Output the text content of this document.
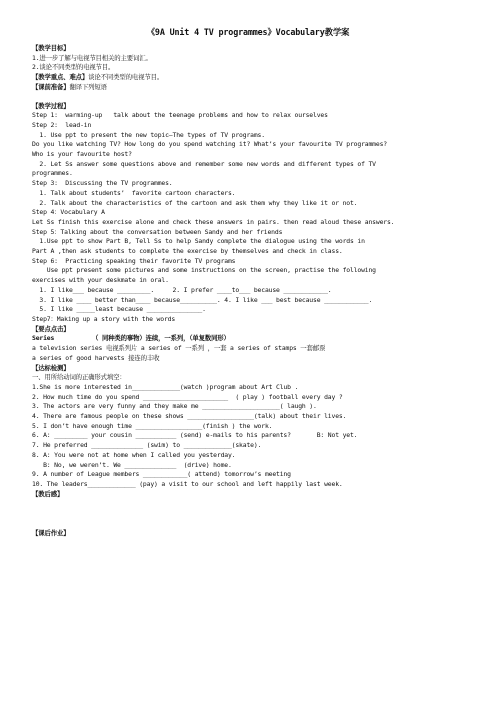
《9A Unit 4 TV programmes》Vocabulary教学案
【教学目标】
1.进一步了解与电视节目相关的主要词汇。
2.谈论不同类型的电视节目。
【教学重点、难点】谈论不同类型的电视节目。
【课前准备】翻译下列短语
【教学过程】
Step 1:  warming-up   talk about the teenage problems and how to relax ourselves
Step 2:  lead-in
1. Use ppt to present the new topic—The types of TV programs.
Do you like watching TV? How long do you spend watching it? What’s your favourite TV programmes?
Who is your favourite host?
2. Let Ss answer some questions above and remember some new words and different types of TV
programmes.
Step 3:  Discussing the TV programmes.
1. Talk about students’  favorite cartoon characters.
2. Talk about the characteristics of the cartoon and ask them why they like it or not.
Step 4：Vocabulary A
Let Ss finish this exercise alone and check these answers in pairs. then read aloud these answers.
Step 5：Talking about the conversation between Sandy and her friends
1.Use ppt to show Part B, Tell Ss to help Sandy complete the dialogue using the words in
Part A ,then ask students to complete the exercise by themselves and check in class.
Step 6:  Practicing speaking their favorite TV programs
Use ppt present some pictures and some instructions on the screen, practise the following
exercises with your deskmate in oral.
1. I like___ because _________.     2. I prefer ____to___ because ____________.
3. I like ____ better than____ because__________. 4. I like ___ best because ____________.
5. I like _____least because _______________.
Step7：Making up a story with the words
【要点点击】
Series	（ 同种类的事物）连续，一系列，（单复数同形）
a television series 电视系列片 a series of 一系列 ，一套 a series of stamps 一套邮票
a series of good harvests 接连的丰收
【达标检测】
一、用所给动词的正确形式填空：
1.She is more interested in_____________(watch )program about Art Club .
2. How much time do you spend _______________________  ( play ) football every day ?
3. The actors are very funny and they make me _____________________( laugh ).
4. There are famous people on these shows __________________(talk) about their lives.
5. I don’t have enough time __________________(finish ) the work.
6. A: _________ your cousin ___________ (send) e-mails to his parents?       B: Not yet.
7. He preferred ______________ (swim) to _____________(skate).
8. A: You were not at home when I called you yesterday.
B: No, we weren’t. We ______________  (drive) home.
9. A number of League members ____________( attend) tomorrow’s meeting
10. The leaders_____________ (pay) a visit to our school and left happily last week.
【教后感】
【课后作业】
